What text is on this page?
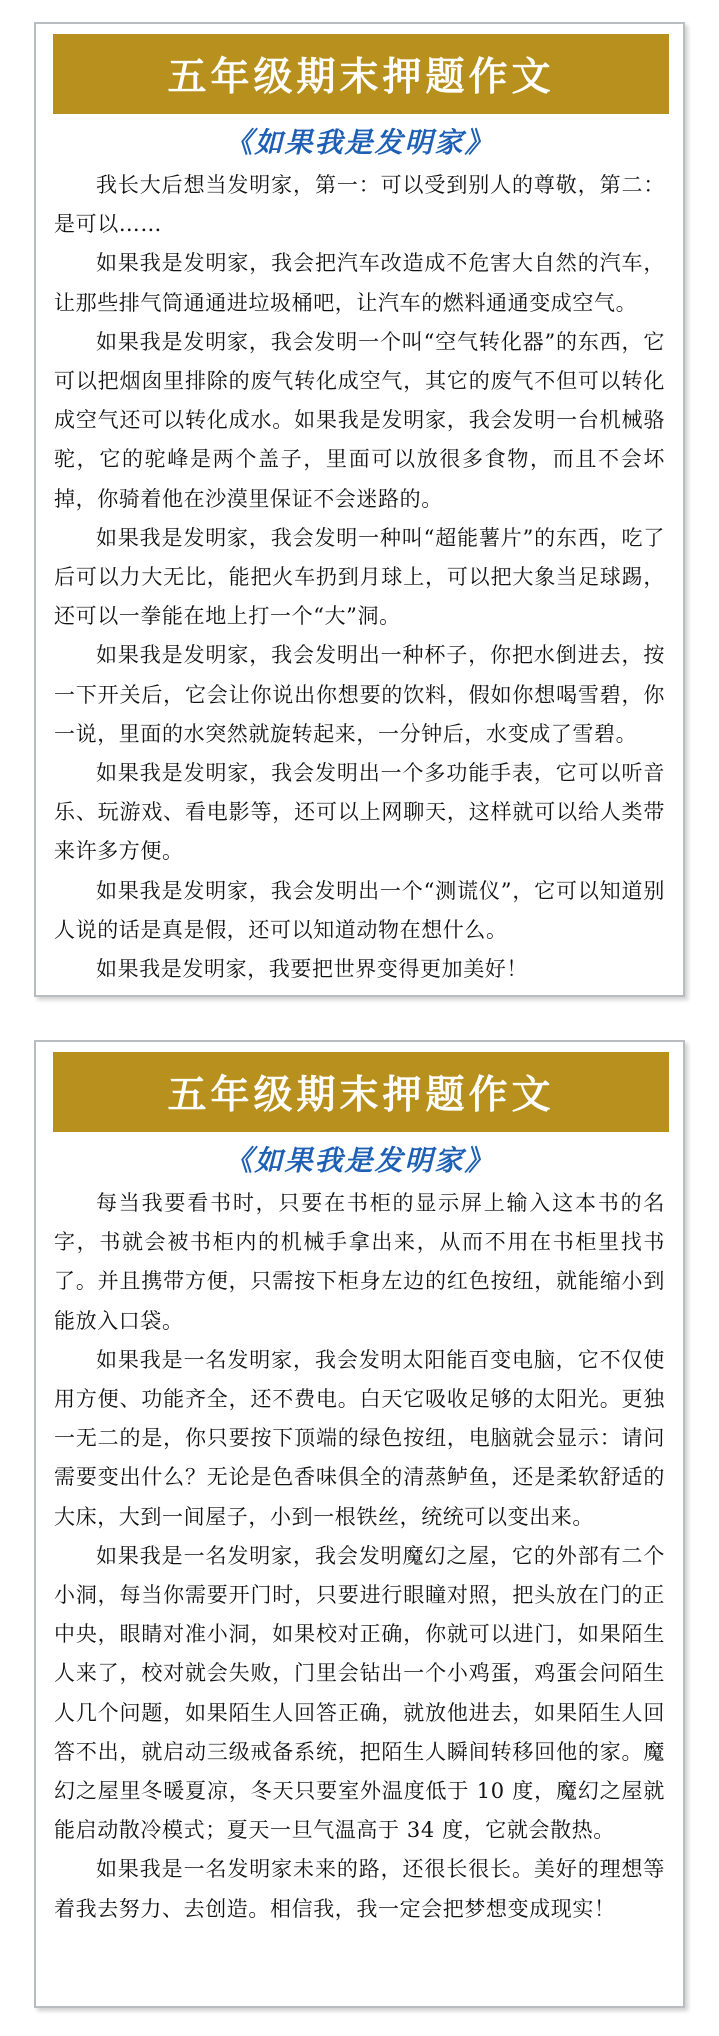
五年级期末押题作文
《如果我是发明家》

我长大后想当发明家，第一：可以受到别人的尊敬，第二：是可以……

如果我是发明家，我会把汽车改造成不危害大自然的汽车，让那些排气筒通通进垃圾桶吧，让汽车的燃料通通变成空气。

如果我是发明家，我会发明一个叫“空气转化器”的东西，它可以把烟囱里排除的废气转化成空气，其它的废气不但可以转化成空气还可以转化成水。如果我是发明家，我会发明一台机械骆驼，它的驼峰是两个盖子，里面可以放很多食物，而且不会坏掉，你骑着他在沙漠里保证不会迷路的。

如果我是发明家，我会发明一种叫“超能薯片”的东西，吃了后可以力大无比，能把火车扔到月球上，可以把大象当足球踢，还可以一拳能在地上打一个“大”洞。

如果我是发明家，我会发明出一种杯子，你把水倒进去，按一下开关后，它会让你说出你想要的饮料，假如你想喝雪碧，你一说，里面的水突然就旋转起来，一分钟后，水变成了雪碧。

如果我是发明家，我会发明出一个多功能手表，它可以听音乐、玩游戏、看电影等，还可以上网聊天，这样就可以给人类带来许多方便。

如果我是发明家，我会发明出一个“测谎仪”，它可以知道别人说的话是真是假，还可以知道动物在想什么。

如果我是发明家，我要把世界变得更加美好！

五年级期末押题作文
《如果我是发明家》

每当我要看书时，只要在书柜的显示屏上输入这本书的名字，书就会被书柜内的机械手拿出来，从而不用在书柜里找书了。并且携带方便，只需按下柜身左边的红色按纽，就能缩小到能放入口袋。

如果我是一名发明家，我会发明太阳能百变电脑，它不仅使用方便、功能齐全，还不费电。白天它吸收足够的太阳光。更独一无二的是，你只要按下顶端的绿色按纽，电脑就会显示：请问需要变出什么？无论是色香味俱全的清蒸鲈鱼，还是柔软舒适的大床，大到一间屋子，小到一根铁丝，统统可以变出来。

如果我是一名发明家，我会发明魔幻之屋，它的外部有二个小洞，每当你需要开门时，只要进行眼瞳对照，把头放在门的正中央，眼睛对准小洞，如果校对正确，你就可以进门，如果陌生人来了，校对就会失败，门里会钻出一个小鸡蛋，鸡蛋会问陌生人几个问题，如果陌生人回答正确，就放他进去，如果陌生人回答不出，就启动三级戒备系统，把陌生人瞬间转移回他的家。魔幻之屋里冬暖夏凉，冬天只要室外温度低于 10 度，魔幻之屋就能启动散冷模式；夏天一旦气温高于 34 度，它就会散热。

如果我是一名发明家未来的路，还很长很长。美好的理想等着我去努力、去创造。相信我，我一定会把梦想变成现实！
